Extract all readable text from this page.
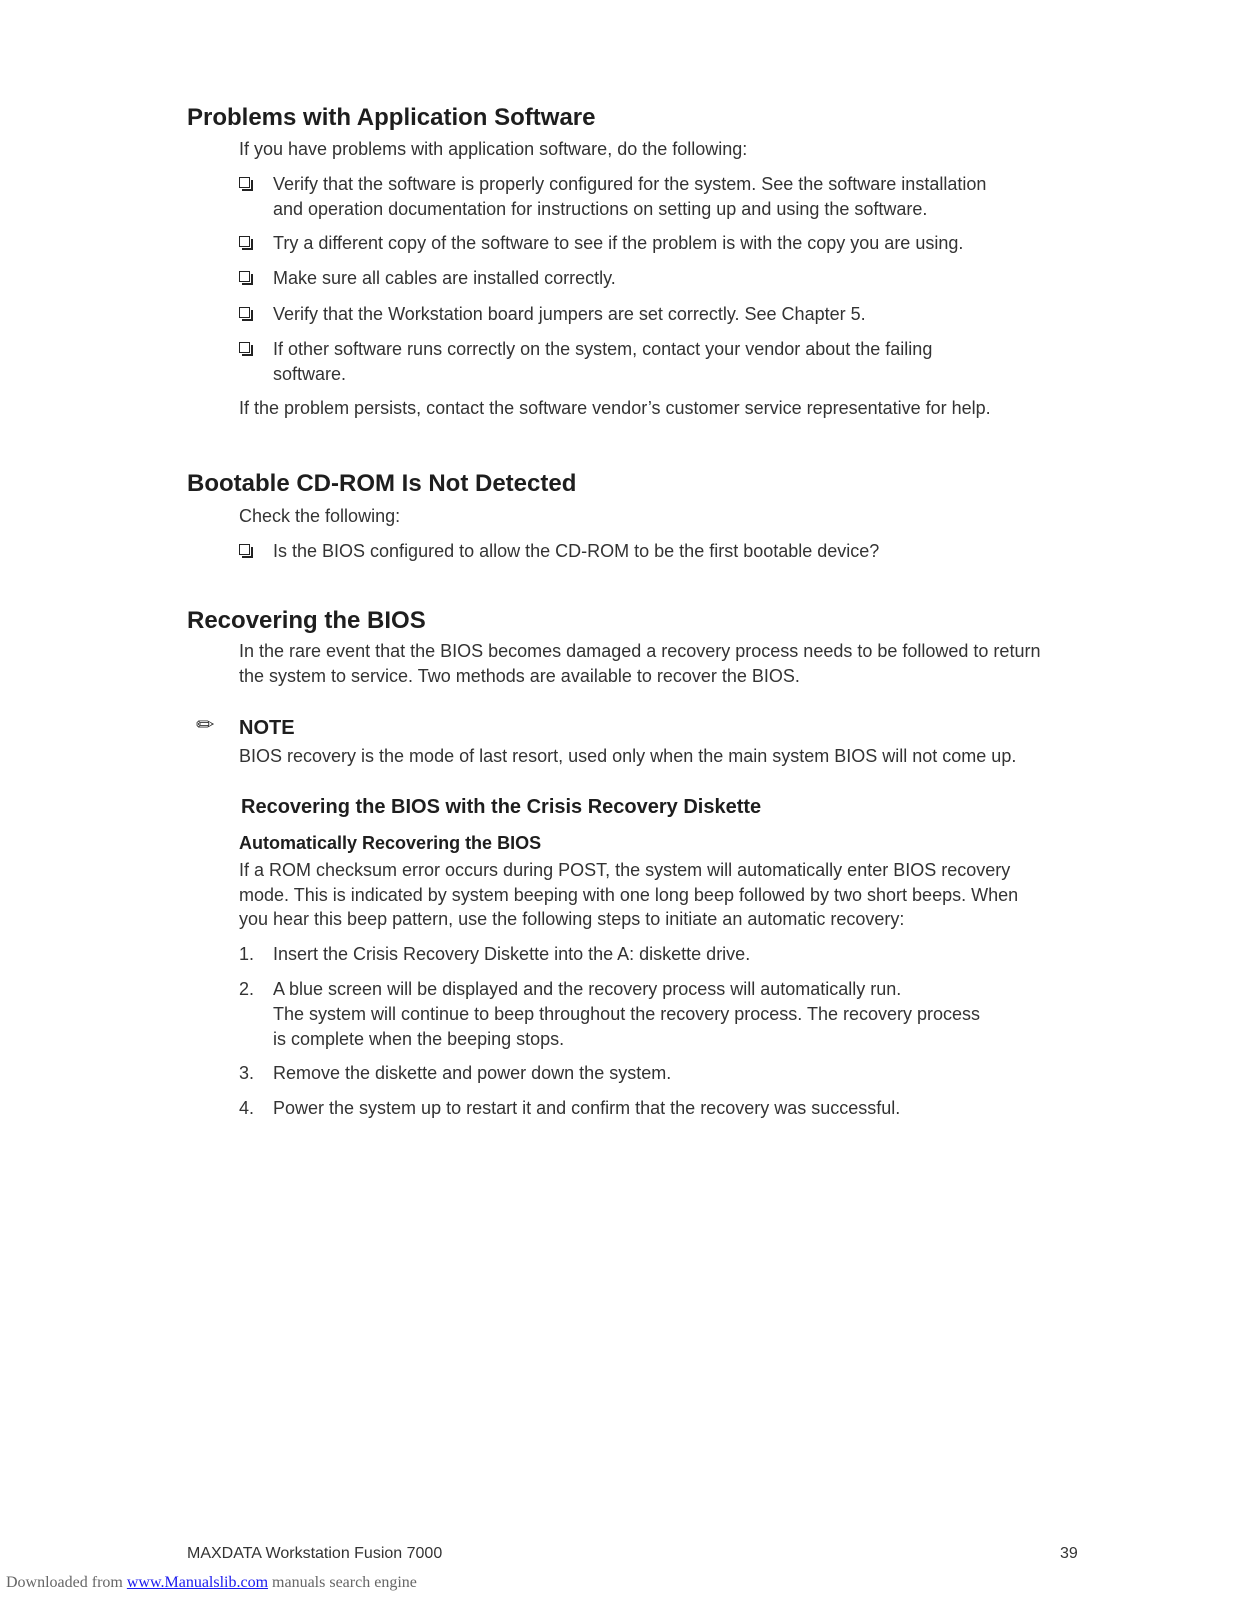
Problems with Application Software
If you have problems with application software, do the following:
Verify that the software is properly configured for the system. See the software installation
and operation documentation for instructions on setting up and using the software.
Try a different copy of the software to see if the problem is with the copy you are using.
Make sure all cables are installed correctly.
Verify that the Workstation board jumpers are set correctly. See Chapter 5.
If other software runs correctly on the system, contact your vendor about the failing
software.
If the problem persists, contact the software vendor’s customer service representative for help.
Bootable CD-ROM Is Not Detected
Check the following:
Is the BIOS configured to allow the CD-ROM to be the first bootable device?
Recovering the BIOS
In the rare event that the BIOS becomes damaged a recovery process needs to be followed to return
the system to service. Two methods are available to recover the BIOS.
✏ NOTE
BIOS recovery is the mode of last resort, used only when the main system BIOS will not come up.
Recovering the BIOS with the Crisis Recovery Diskette
Automatically Recovering the BIOS
If a ROM checksum error occurs during POST, the system will automatically enter BIOS recovery
mode. This is indicated by system beeping with one long beep followed by two short beeps. When
you hear this beep pattern, use the following steps to initiate an automatic recovery:
1.	Insert the Crisis Recovery Diskette into the A: diskette drive.
2.	A blue screen will be displayed and the recovery process will automatically run.
The system will continue to beep throughout the recovery process. The recovery process
is complete when the beeping stops.
3.	Remove the diskette and power down the system.
4.	Power the system up to restart it and confirm that the recovery was successful.
MAXDATA Workstation Fusion 7000	39
Downloaded from www.Manualslib.com manuals search engine
